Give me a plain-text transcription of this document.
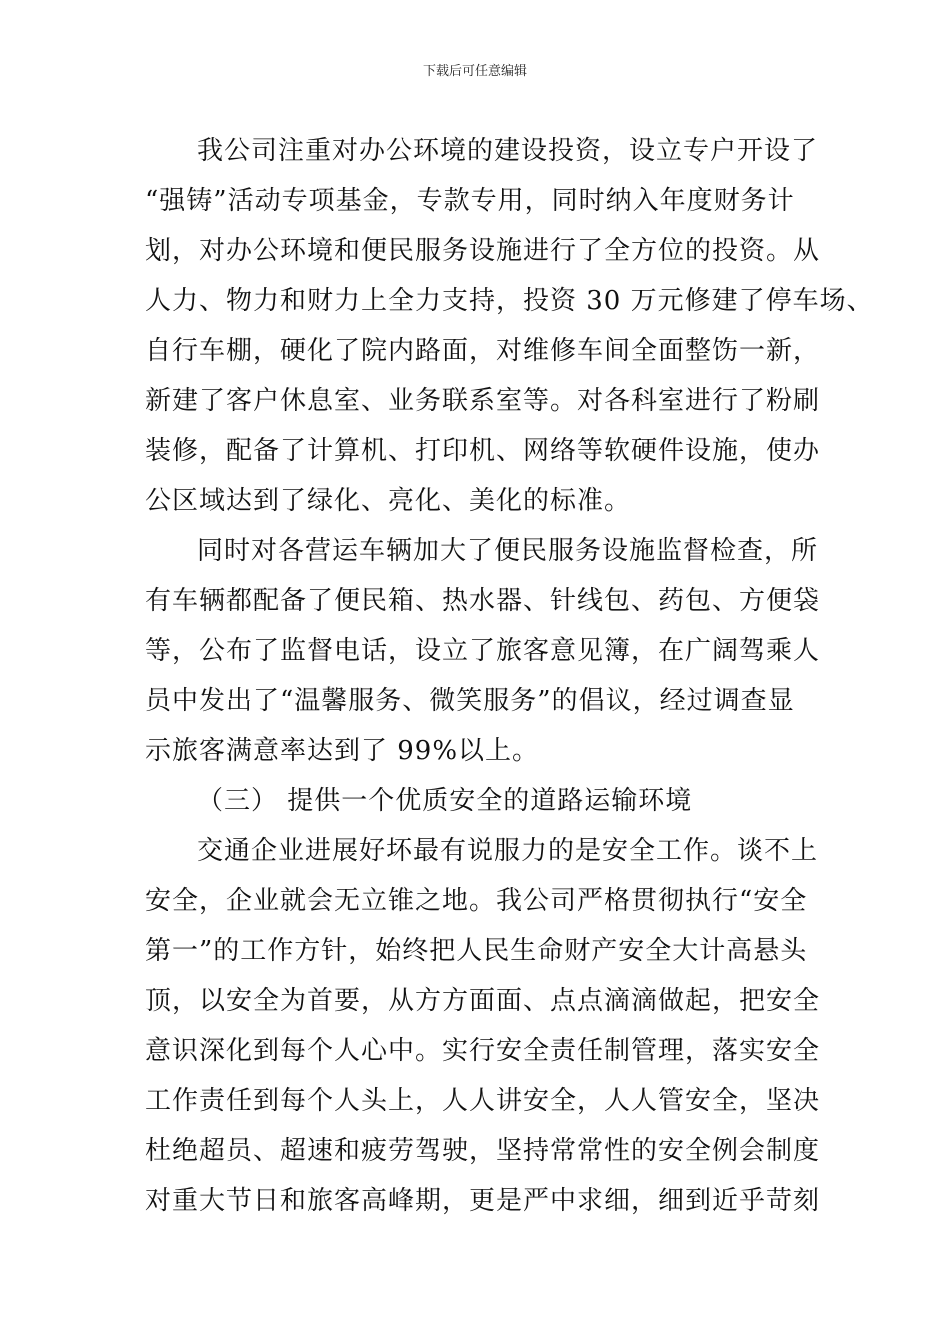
下载后可任意编辑
我公司注重对办公环境的建设投资，设立专户开设了
“强铸”活动专项基金，专款专用，同时纳入年度财务计
划，对办公环境和便民服务设施进行了全方位的投资。从
人力、物力和财力上全力支持，投资 30 万元修建了停车场、
自行车棚，硬化了院内路面，对维修车间全面整饬一新，
新建了客户休息室、业务联系室等。对各科室进行了粉刷
装修，配备了计算机、打印机、网络等软硬件设施，使办
公区域达到了绿化、亮化、美化的标准。
同时对各营运车辆加大了便民服务设施监督检查，所
有车辆都配备了便民箱、热水器、针线包、药包、方便袋
等，公布了监督电话，设立了旅客意见簿，在广阔驾乘人
员中发出了“温馨服务、微笑服务”的倡议，经过调查显
示旅客满意率达到了 99%以上。
（三） 提供一个优质安全的道路运输环境
交通企业进展好坏最有说服力的是安全工作。谈不上
安全，企业就会无立锥之地。我公司严格贯彻执行“安全
第一”的工作方针，始终把人民生命财产安全大计高悬头
顶，以安全为首要，从方方面面、点点滴滴做起，把安全
意识深化到每个人心中。实行安全责任制管理，落实安全
工作责任到每个人头上，人人讲安全，人人管安全，坚决
杜绝超员、超速和疲劳驾驶，坚持常常性的安全例会制度
对重大节日和旅客高峰期，更是严中求细，细到近乎苛刻
